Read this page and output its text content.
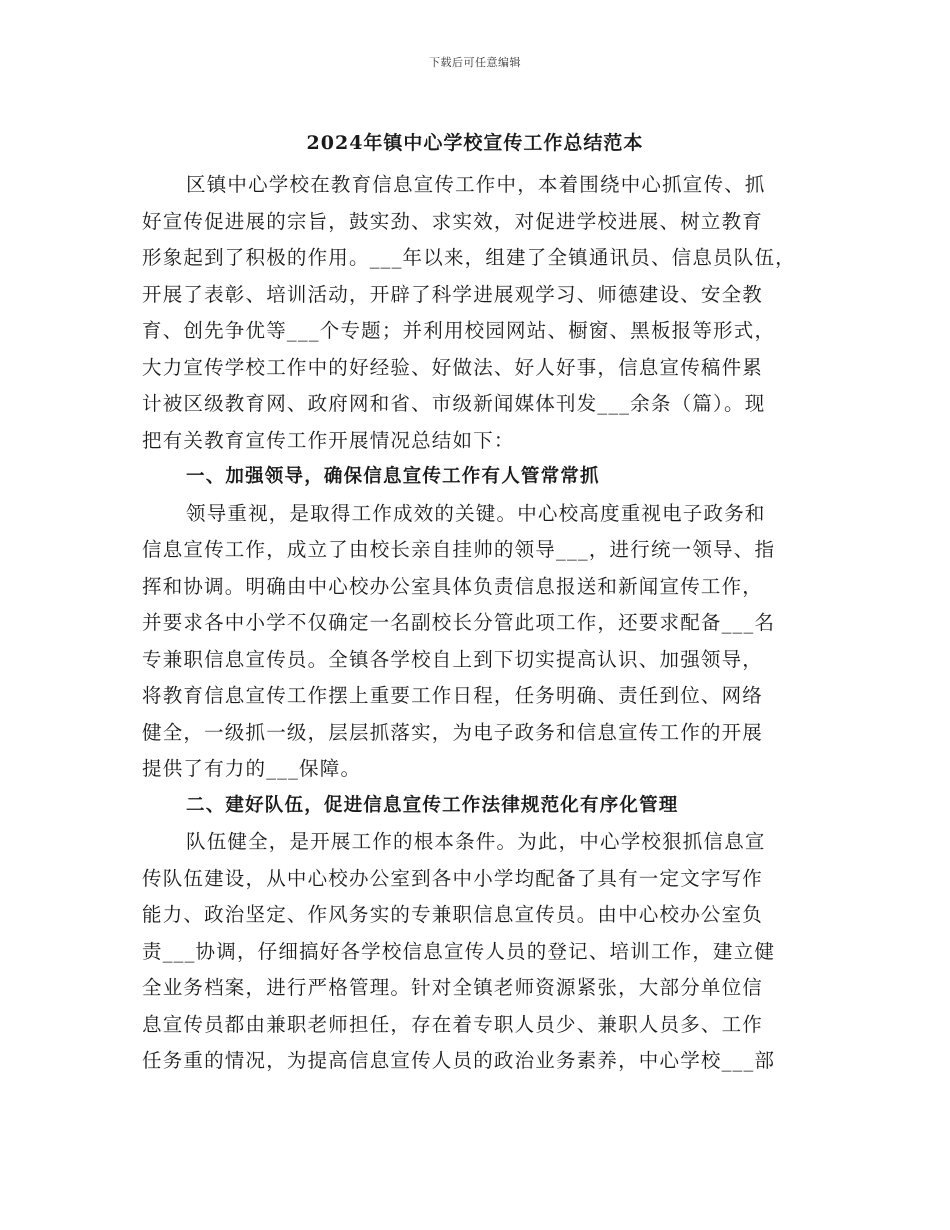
下载后可任意编辑
2024年镇中心学校宣传工作总结范本
区镇中心学校在教育信息宣传工作中，本着围绕中心抓宣传、抓
好宣传促进展的宗旨，鼓实劲、求实效，对促进学校进展、树立教育
形象起到了积极的作用。___年以来，组建了全镇通讯员、信息员队伍，
开展了表彰、培训活动，开辟了科学进展观学习、师德建设、安全教
育、创先争优等___个专题；并利用校园网站、橱窗、黑板报等形式，
大力宣传学校工作中的好经验、好做法、好人好事，信息宣传稿件累
计被区级教育网、政府网和省、市级新闻媒体刊发___余条（篇）。现
把有关教育宣传工作开展情况总结如下：
一、加强领导，确保信息宣传工作有人管常常抓
领导重视，是取得工作成效的关键。中心校高度重视电子政务和
信息宣传工作，成立了由校长亲自挂帅的领导___，进行统一领导、指
挥和协调。明确由中心校办公室具体负责信息报送和新闻宣传工作，
并要求各中小学不仅确定一名副校长分管此项工作，还要求配备___名
专兼职信息宣传员。全镇各学校自上到下切实提高认识、加强领导，
将教育信息宣传工作摆上重要工作日程，任务明确、责任到位、网络
健全，一级抓一级，层层抓落实，为电子政务和信息宣传工作的开展
提供了有力的___保障。
二、建好队伍，促进信息宣传工作法律规范化有序化管理
队伍健全，是开展工作的根本条件。为此，中心学校狠抓信息宣
传队伍建设，从中心校办公室到各中小学均配备了具有一定文字写作
能力、政治坚定、作风务实的专兼职信息宣传员。由中心校办公室负
责___协调，仔细搞好各学校信息宣传人员的登记、培训工作，建立健
全业务档案，进行严格管理。针对全镇老师资源紧张，大部分单位信
息宣传员都由兼职老师担任，存在着专职人员少、兼职人员多、工作
任务重的情况，为提高信息宣传人员的政治业务素养，中心学校___部
